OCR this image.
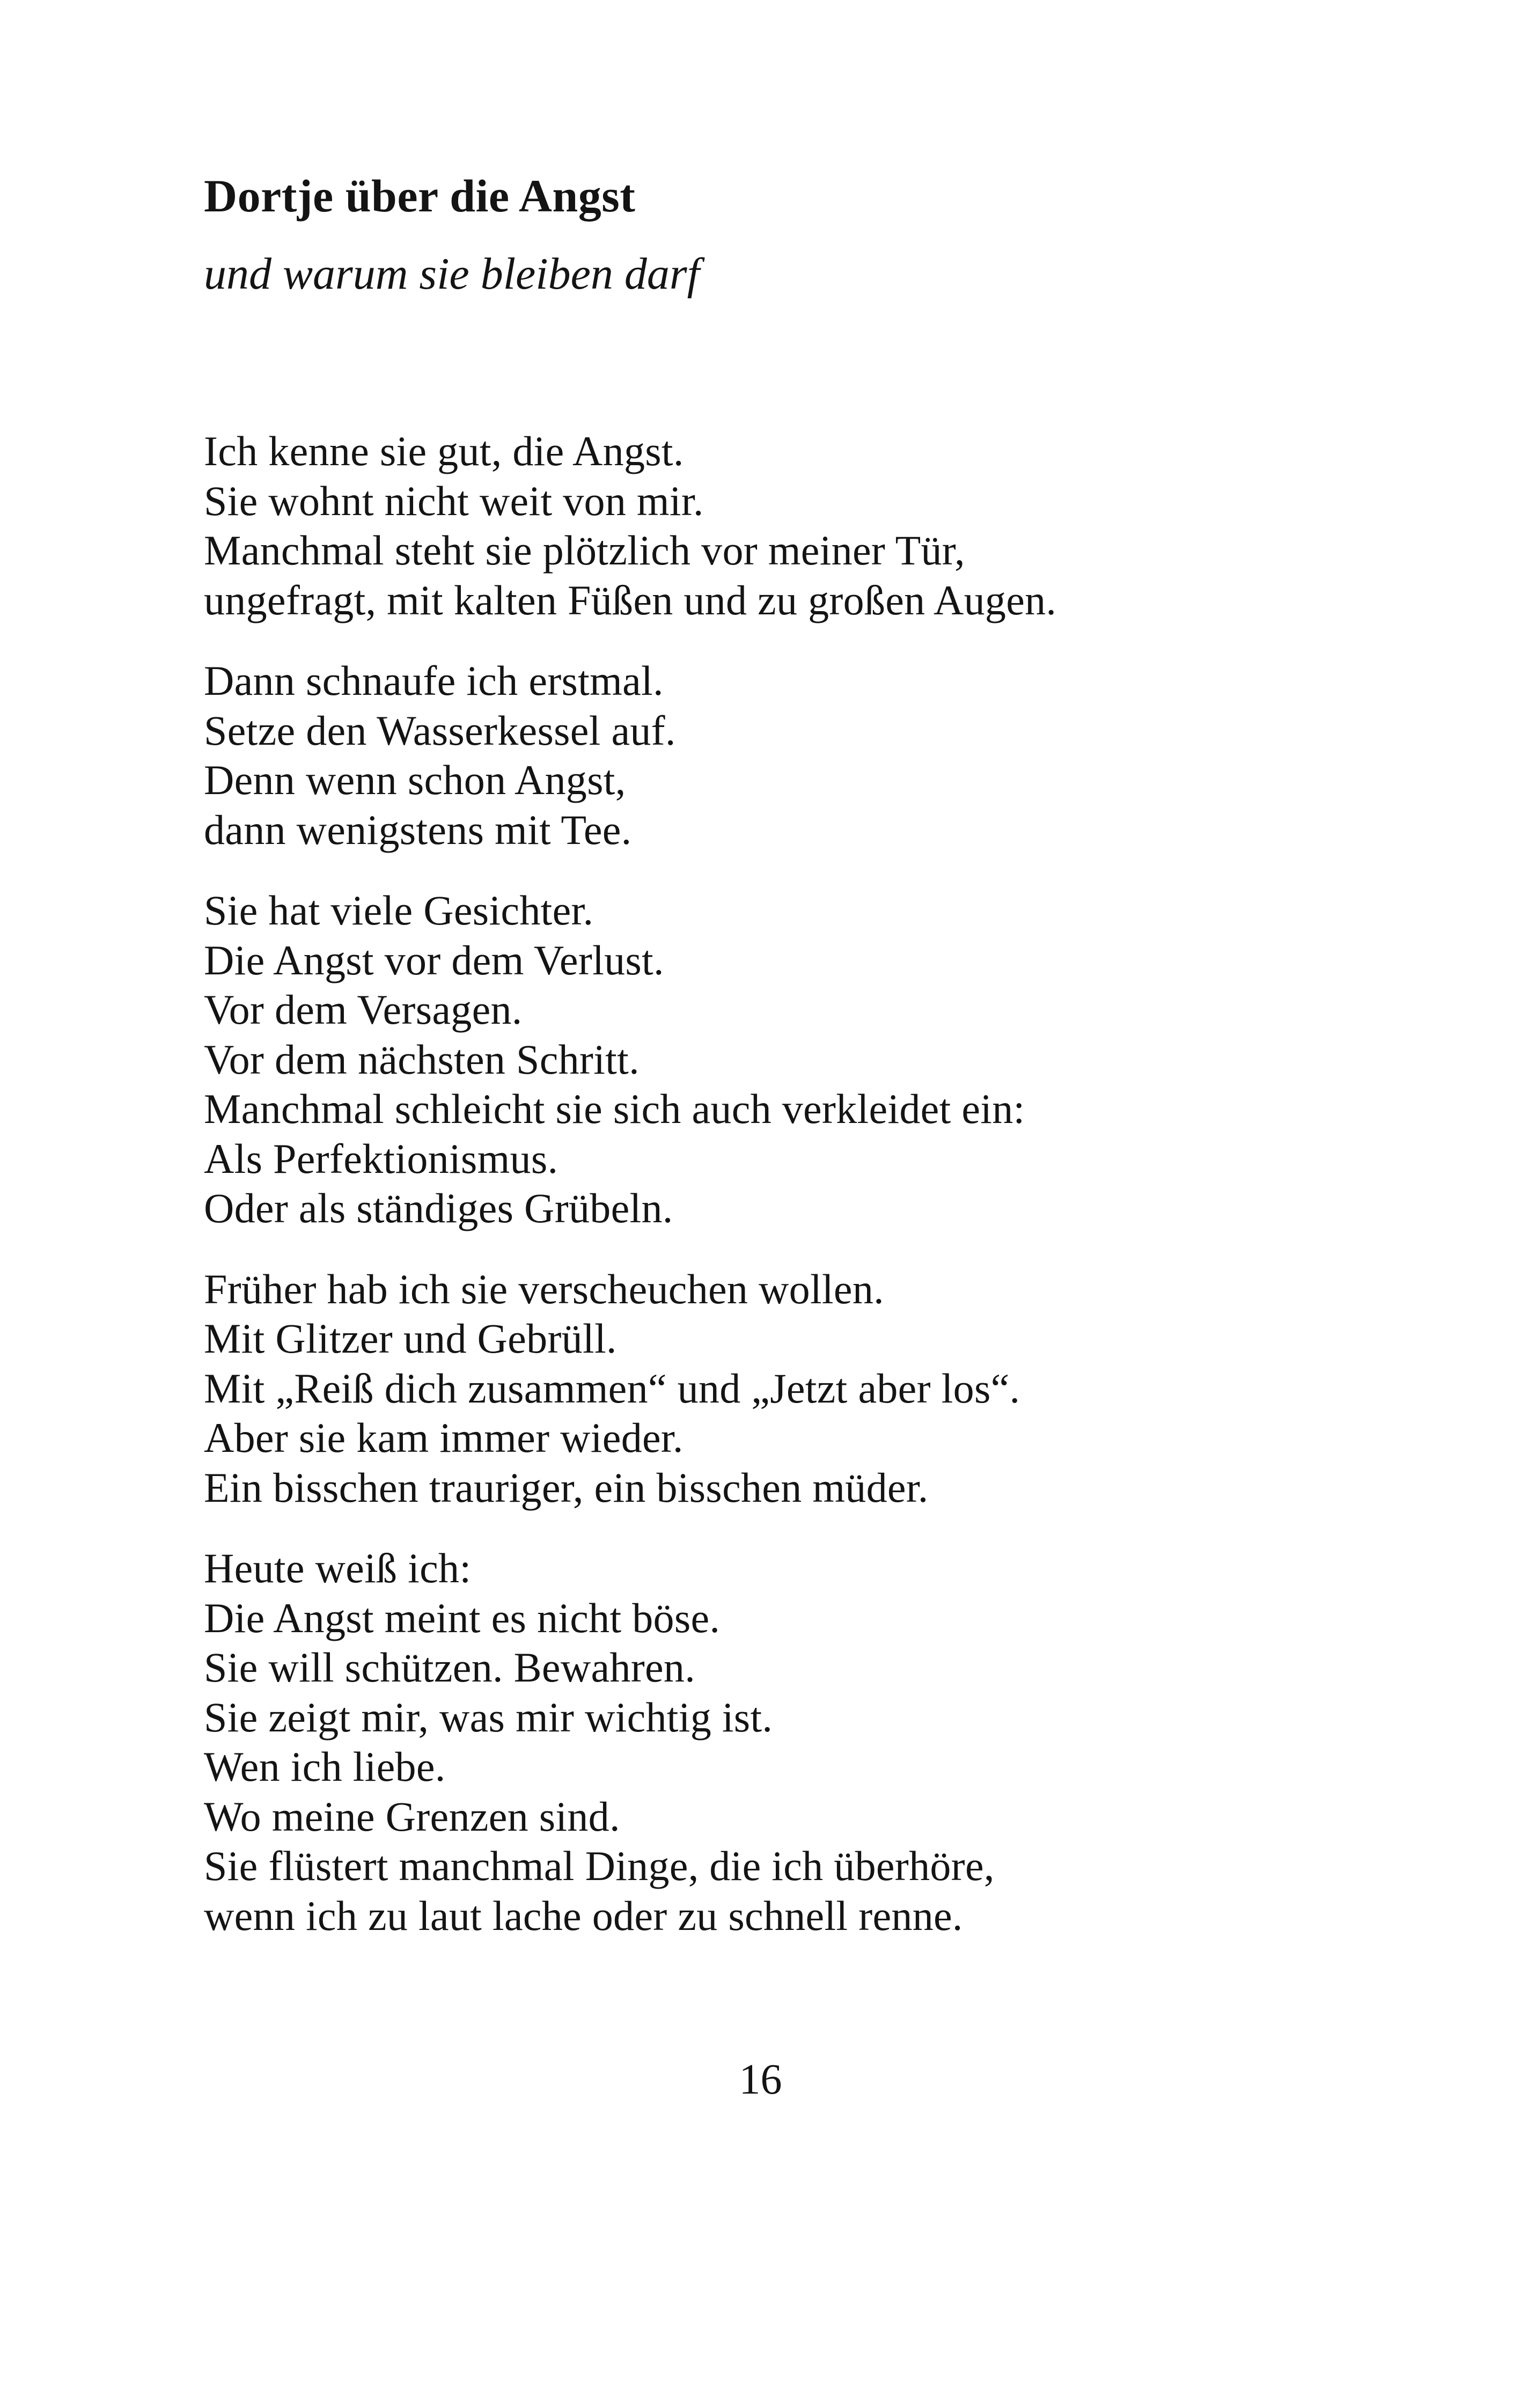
Dortje über die Angst

und warum sie bleiben darf

Ich kenne sie gut, die Angst.
Sie wohnt nicht weit von mir.
Manchmal steht sie plötzlich vor meiner Tür,
ungefragt, mit kalten Füßen und zu großen Augen.

Dann schnaufe ich erstmal.
Setze den Wasserkessel auf.
Denn wenn schon Angst,
dann wenigstens mit Tee.

Sie hat viele Gesichter.
Die Angst vor dem Verlust.
Vor dem Versagen.
Vor dem nächsten Schritt.
Manchmal schleicht sie sich auch verkleidet ein:
Als Perfektionismus.
Oder als ständiges Grübeln.

Früher hab ich sie verscheuchen wollen.
Mit Glitzer und Gebrüll.
Mit „Reiß dich zusammen“ und „Jetzt aber los“.
Aber sie kam immer wieder.
Ein bisschen trauriger, ein bisschen müder.

Heute weiß ich:
Die Angst meint es nicht böse.
Sie will schützen. Bewahren.
Sie zeigt mir, was mir wichtig ist.
Wen ich liebe.
Wo meine Grenzen sind.
Sie flüstert manchmal Dinge, die ich überhöre,
wenn ich zu laut lache oder zu schnell renne.

16
